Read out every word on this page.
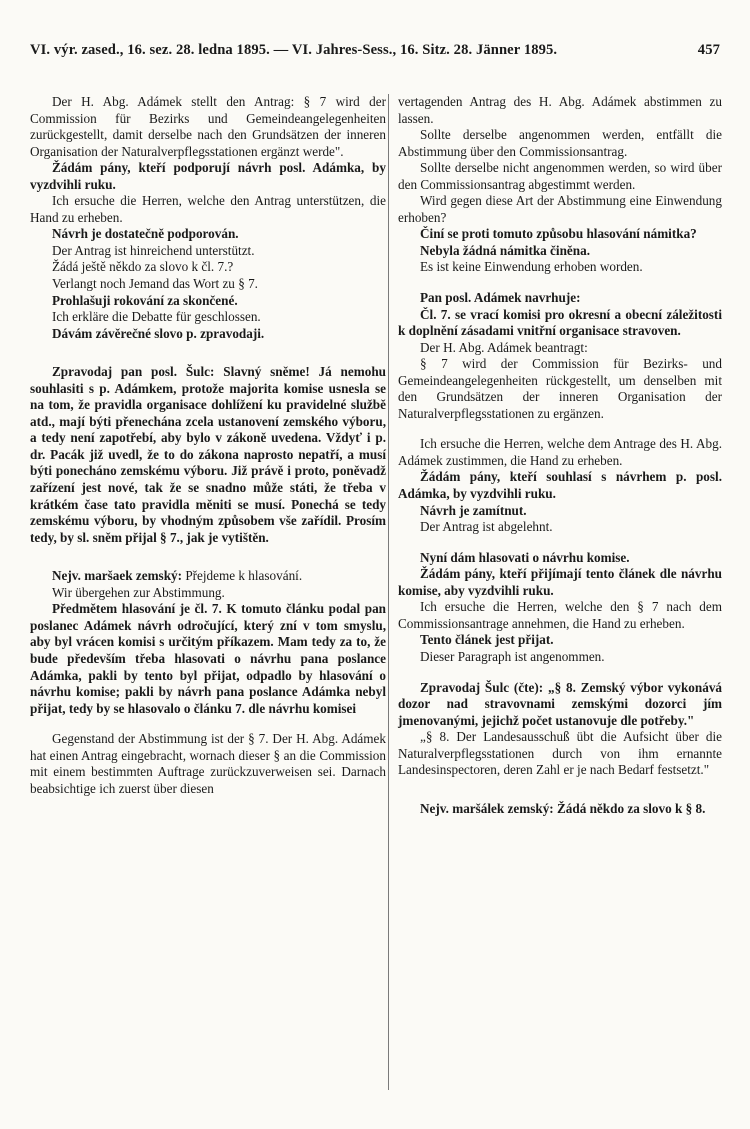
VI. výr. zased., 16. sez. 28. ledna 1895. — VI. Jahres-Sess., 16. Sitz. 28. Jänner 1895.	457

Der H. Abg. Adámek stellt den Antrag: § 7 wird der Commission für Bezirks und Gemeindeangelegenheiten zurückgestellt, damit derselbe nach den Grundsätzen der inneren Organisation der Naturalverpflegsstationen ergänzt werde".

Žádám pány, kteří podporují návrh posl. Adámka, by vyzdvihli ruku.

Ich ersuche die Herren, welche den Antrag unterstützen, die Hand zu erheben.

Návrh je dostatečně podporován.

Der Antrag ist hinreichend unterstützt.

Žádá ještě někdo za slovo k čl. 7.?

Verlangt noch Jemand das Wort zu § 7.

Prohlašuji rokování za skončené.

Ich erkläre die Debatte für geschlossen.

Dávám závěrečné slovo p. zpravodaji.

Zpravodaj pan posl. Šulc: Slavný sněme! Já nemohu souhlasiti s p. Adámkem, protože majorita komise usnesla se na tom, že pravidla organisace dohlížení ku pravidelné službě atd., mají býti přenechána zcela ustanovení zemského výboru, a tedy není zapotřebí, aby bylo v zákoně uvedena. Vždyť i p. dr. Pacák již uvedl, že to do zákona naprosto nepatří, a musí býti ponecháno zemskému výboru. Již právě i proto, poněvadž zařízení jest nové, tak že se snadno může státi, že třeba v krátkém čase tato pravidla měniti se musí. Ponechá se tedy zemskému výboru, by vhodným způsobem vše zařídil. Prosím tedy, by sl. sněm přijal § 7., jak je vytištěn.

Nejv. maršaek zemský: Přejdeme k hlasování.

Wir übergehen zur Abstimmung.

Předmětem hlasování je čl. 7. K tomuto článku podal pan poslanec Adámek návrh odročující, který zní v tom smyslu, aby byl vrácen komisi s určitým příkazem. Mam tedy za to, že bude především třeba hlasovati o návrhu pana poslance Adámka, pakli by tento byl přijat, odpadlo by hlasování o návrhu komise; pakli by návrh pana poslance Adámka nebyl přijat, tedy by se hlasovalo o článku 7. dle návrhu komisei

Gegenstand der Abstimmung ist der § 7. Der H. Abg. Adámek hat einen Antrag eingebracht, wornach dieser § an die Commission mit einem bestimmten Auftrage zurückzuverweisen sei. Darnach beabsichtige ich zuerst über diesen

vertagenden Antrag des H. Abg. Adámek abstimmen zu lassen.

Sollte derselbe angenommen werden, entfällt die Abstimmung über den Commissionsantrag.

Sollte derselbe nicht angenommen werden, so wird über den Commissionsantrag abgestimmt werden.

Wird gegen diese Art der Abstimmung eine Einwendung erhoben?

Činí se proti tomuto způsobu hlasování námitka?

Nebyla žádná námitka činěna.

Es ist keine Einwendung erhoben worden.

Pan posl. Adámek navrhuje:

Čl. 7. se vrací komisi pro okresní a obecní záležitosti k doplnění zásadami vnitřní organisace stravoven.

Der H. Abg. Adámek beantragt:

§ 7 wird der Commission für Bezirks- und Gemeindeangelegenheiten rückgestellt, um denselben mit den Grundsätzen der inneren Organisation der Naturalverpflegsstationen zu ergänzen.

Ich ersuche die Herren, welche dem Antrage des H. Abg. Adámek zustimmen, die Hand zu erheben.

Žádám pány, kteří souhlasí s návrhem p. posl. Adámka, by vyzdvihli ruku.

Návrh je zamítnut.

Der Antrag ist abgelehnt.

Nyní dám hlasovati o návrhu komise.

Žádám pány, kteří přijímají tento článek dle návrhu komise, aby vyzdvihli ruku.

Ich ersuche die Herren, welche den § 7 nach dem Commissionsantrage annehmen, die Hand zu erheben.

Tento článek jest přijat.

Dieser Paragraph ist angenommen.

Zpravodaj Šulc (čte): „§ 8. Zemský výbor vykonává dozor nad stravovnami zemskými dozorci jím jmenovanými, jejichž počet ustanovuje dle potřeby."

„§ 8. Der Landesausschuß übt die Aufsicht über die Naturalverpflegsstationen durch von ihm ernannte Landesinspectoren, deren Zahl er je nach Bedarf festsetzt."

Nejv. maršálek zemský: Žádá někdo za slovo k § 8.
